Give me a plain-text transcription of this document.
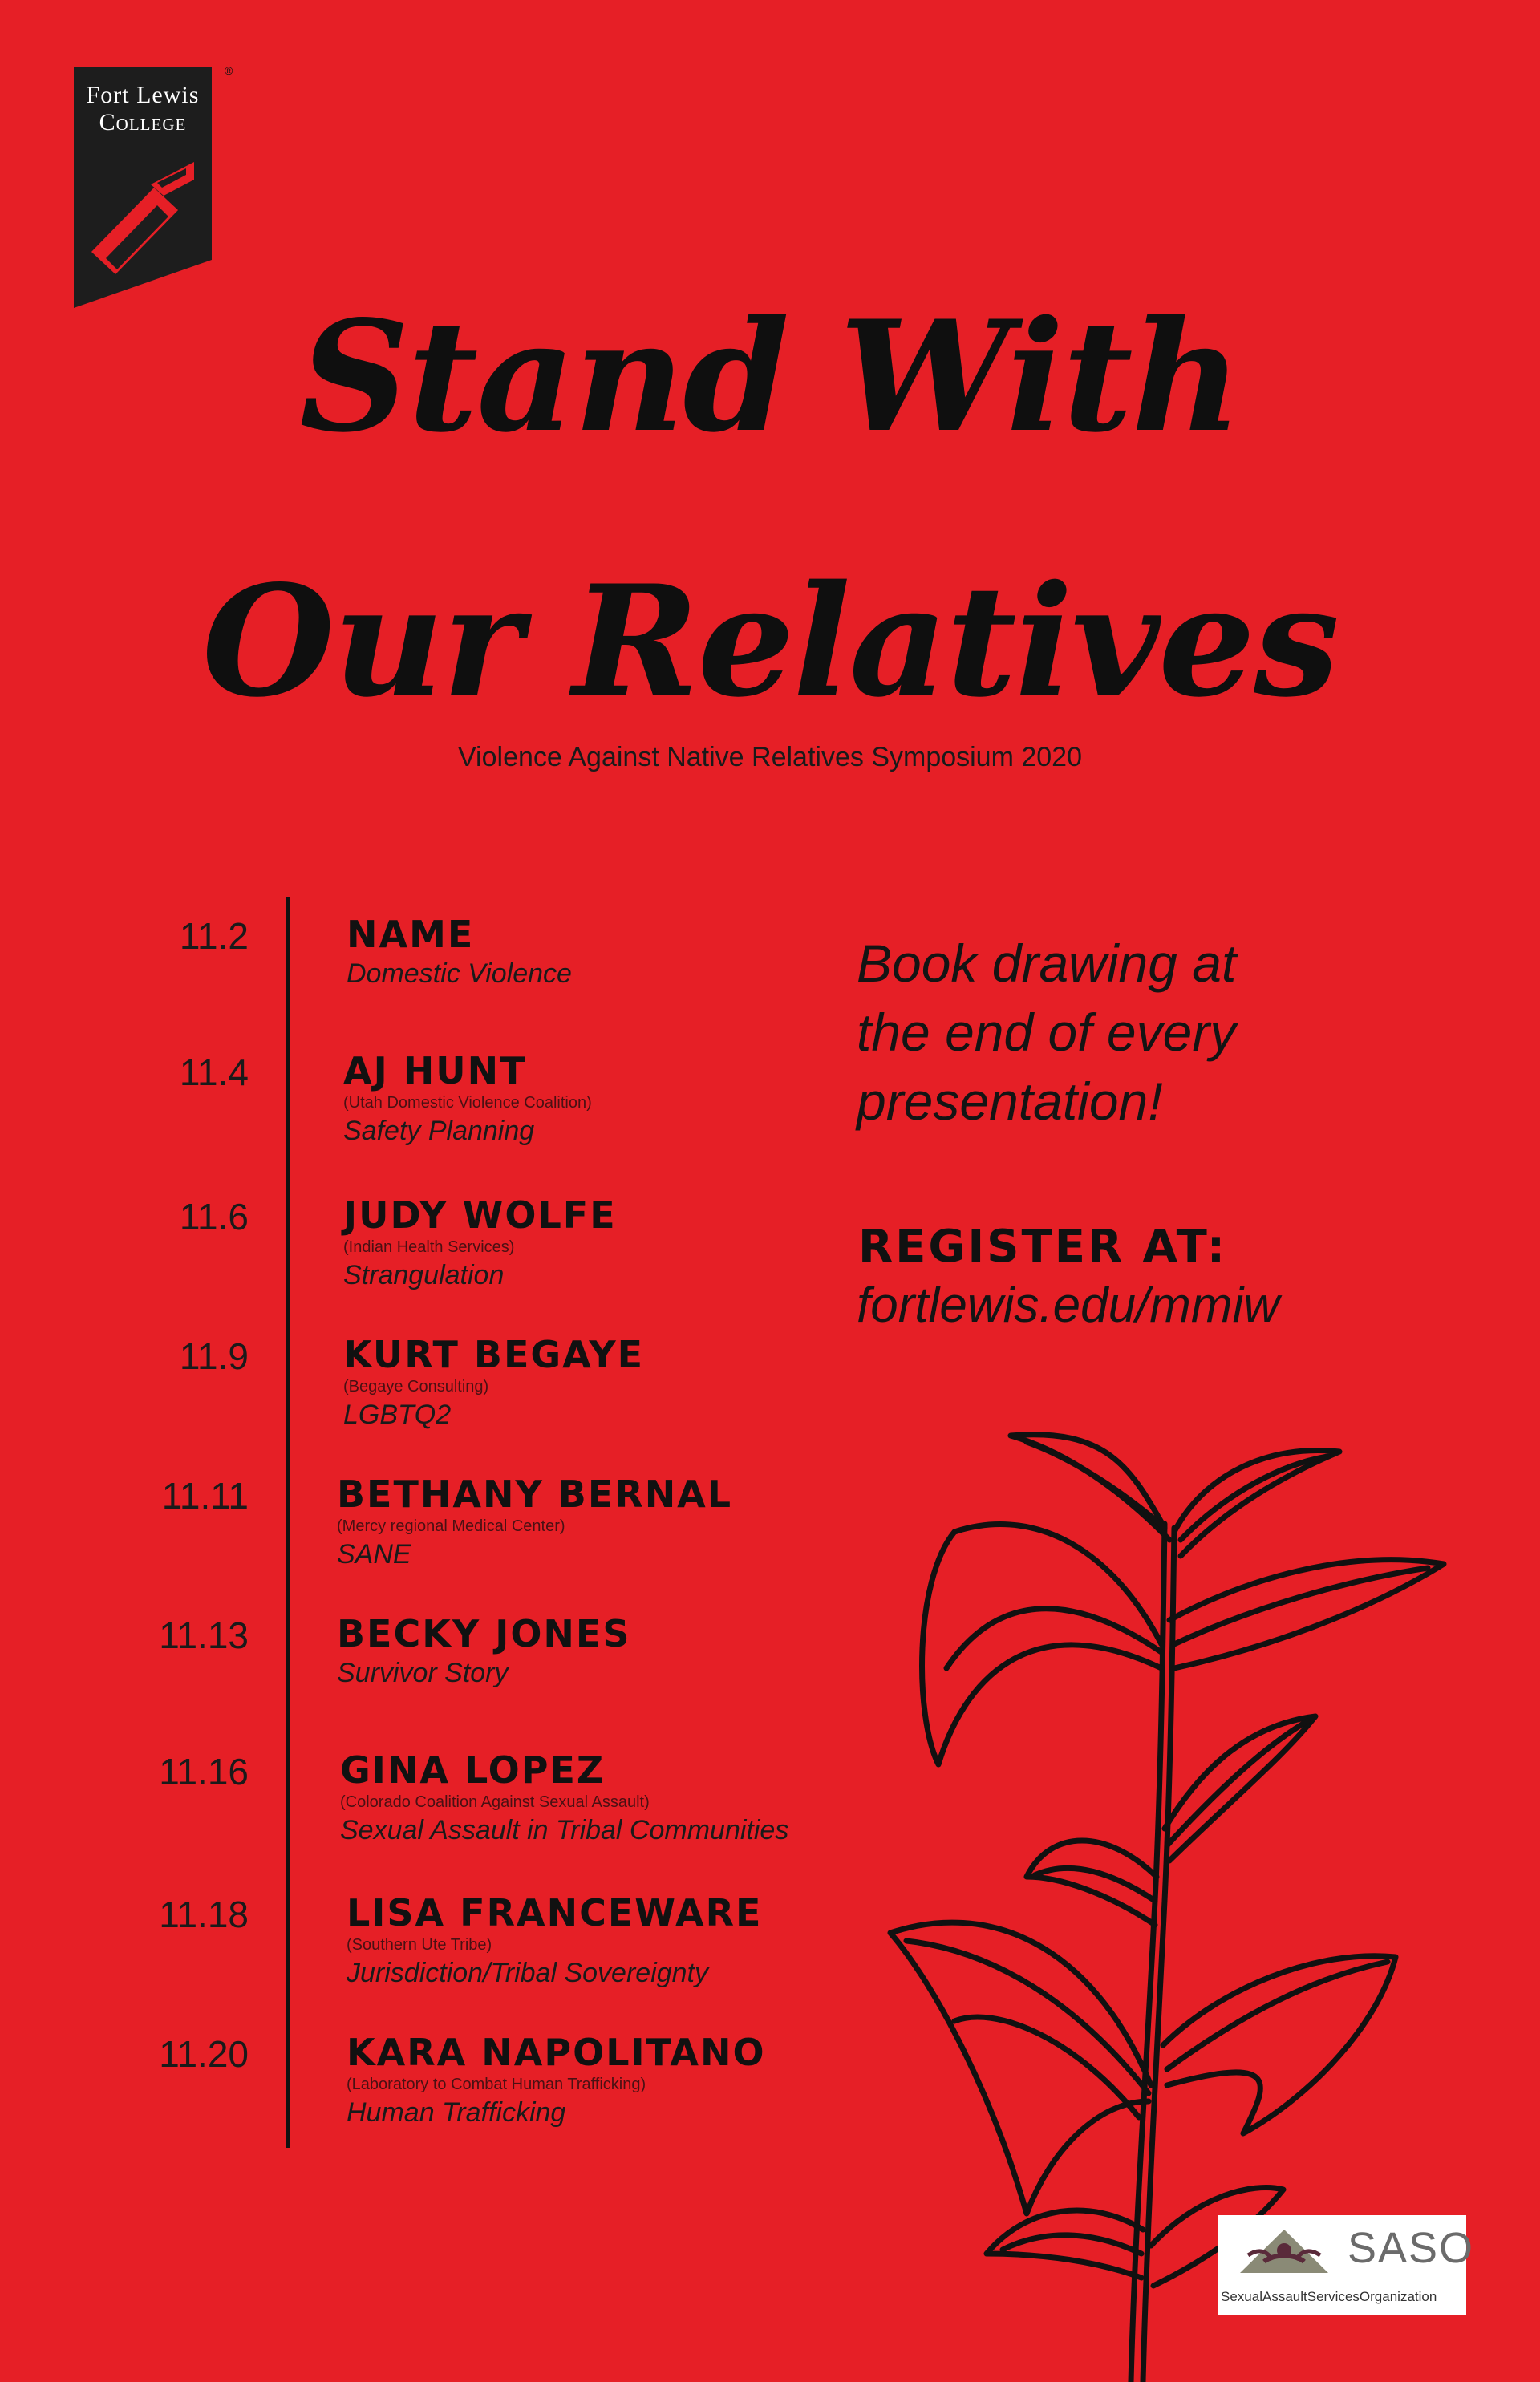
Fort Lewis
College
®
Stand With
Our Relatives
Violence Against Native Relatives Symposium 2020
11.2	NAME
Domestic Violence
11.4	AJ HUNT
(Utah Domestic Violence Coalition)
Safety Planning
11.6	JUDY WOLFE
(Indian Health Services)
Strangulation
11.9	KURT BEGAYE
(Begaye Consulting)
LGBTQ2
11.11 BETHANY BERNAL
(Mercy regional Medical Center)
SANE
11.13 BECKY JONES
Survivor Story
11.16 GINA LOPEZ
(Colorado Coalition Against Sexual Assault)
Sexual Assault in Tribal Communities
11.18	LISA FRANCEWARE
(Southern Ute Tribe)
Jurisdiction/Tribal Sovereignty
11.20	KARA NAPOLITANO
(Laboratory to Combat Human Trafficking)
Human Trafficking
Book drawing at
the end of every
presentation!
REGISTER AT:
fortlewis.edu/mmiw
SASO
SexualAssaultServicesOrganization
